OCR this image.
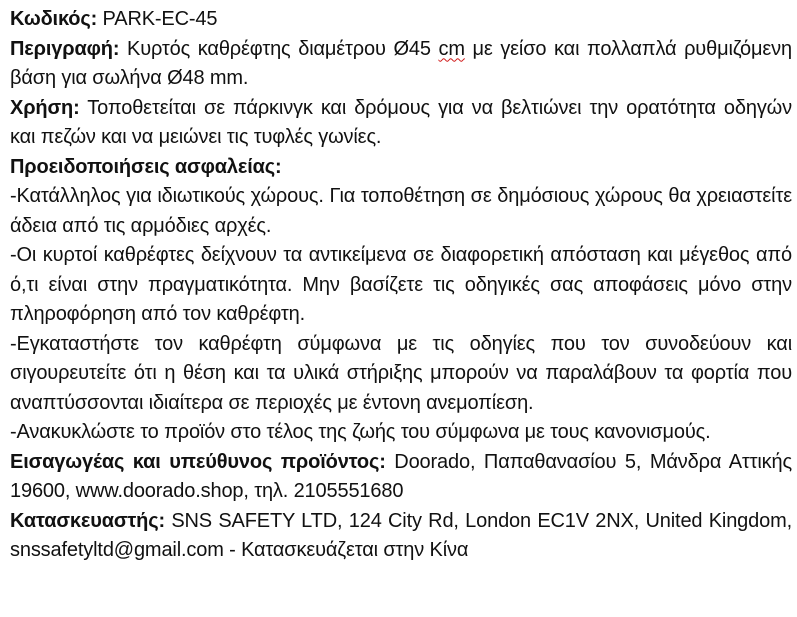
Κωδικός: PARK-EC-45

Περιγραφή: Κυρτός καθρέφτης διαμέτρου Ø45 cm με γείσο και πολλαπλά ρυθμιζόμενη βάση για σωλήνα Ø48 mm.

Χρήση: Τοποθετείται σε πάρκινγκ και δρόμους για να βελτιώνει την ορατότητα οδηγών και πεζών και να μειώνει τις τυφλές γωνίες.

Προειδοποιήσεις ασφαλείας:

-Κατάλληλος για ιδιωτικούς χώρους. Για τοποθέτηση σε δημόσιους χώρους θα χρειαστείτε άδεια από τις αρμόδιες αρχές.

-Οι κυρτοί καθρέφτες δείχνουν τα αντικείμενα σε διαφορετική απόσταση και μέγεθος από ό,τι είναι στην πραγματικότητα. Μην βασίζετε τις οδηγικές σας αποφάσεις μόνο στην πληροφόρηση από τον καθρέφτη.

-Εγκαταστήστε τον καθρέφτη σύμφωνα με τις οδηγίες που τον συνοδεύουν και σιγουρευτείτε ότι η θέση και τα υλικά στήριξης μπορούν να παραλάβουν τα φορτία που αναπτύσσονται ιδιαίτερα σε περιοχές με έντονη ανεμοπίεση.

-Ανακυκλώστε το προϊόν στο τέλος της ζωής του σύμφωνα με τους κανονισμούς.

Εισαγωγέας και υπεύθυνος προϊόντος: Doorado, Παπαθανασίου 5, Μάνδρα Αττικής 19600, www.doorado.shop, τηλ. 2105551680

Κατασκευαστής: SNS SAFETY LTD, 124 City Rd, London EC1V 2NX, United Kingdom, snssafetyltd@gmail.com - Κατασκευάζεται στην Κίνα
